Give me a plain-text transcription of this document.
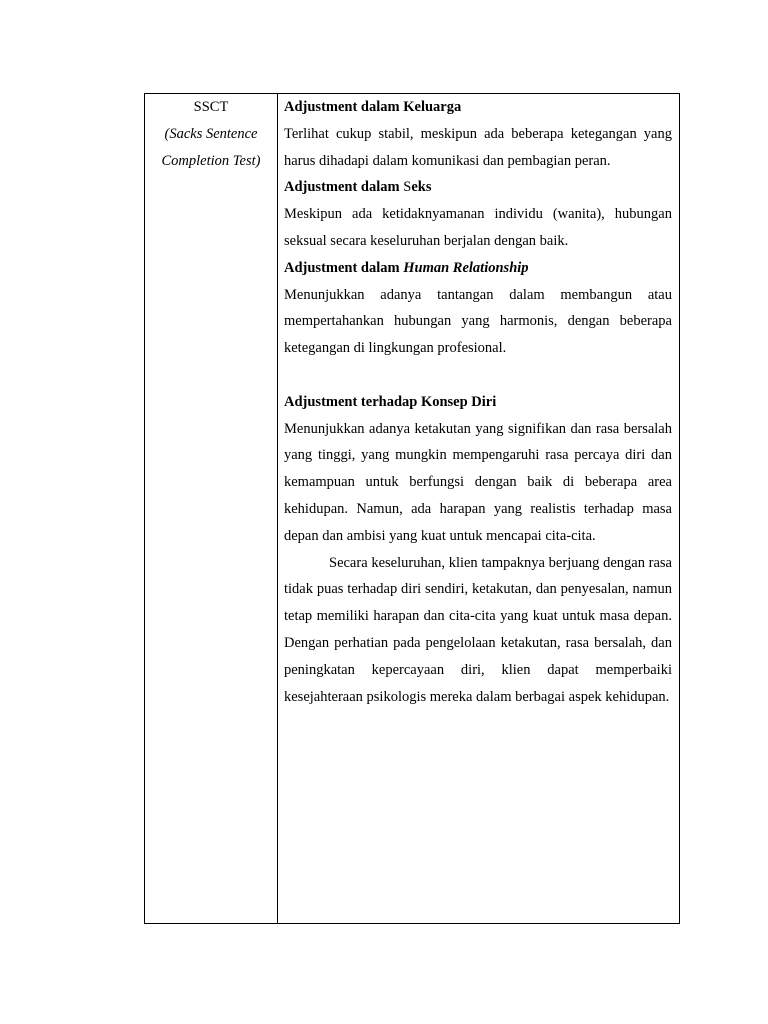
SSCT
(Sacks Sentence
Completion Test)
Adjustment dalam Keluarga

Terlihat cukup stabil, meskipun ada beberapa ketegangan yang harus dihadapi dalam komunikasi dan pembagian peran.

Adjustment dalam Seks

Meskipun ada ketidaknyamanan individu (wanita), hubungan seksual secara keseluruhan berjalan dengan baik.

Adjustment dalam Human Relationship

Menunjukkan adanya tantangan dalam membangun atau mempertahankan hubungan yang harmonis, dengan beberapa ketegangan di lingkungan profesional.

Adjustment terhadap Konsep Diri

Menunjukkan adanya ketakutan yang signifikan dan rasa bersalah yang tinggi, yang mungkin mempengaruhi rasa percaya diri dan kemampuan untuk berfungsi dengan baik di beberapa area kehidupan. Namun, ada harapan yang realistis terhadap masa depan dan ambisi yang kuat untuk mencapai cita-cita.

Secara keseluruhan, klien tampaknya berjuang dengan rasa tidak puas terhadap diri sendiri, ketakutan, dan penyesalan, namun tetap memiliki harapan dan cita-cita yang kuat untuk masa depan. Dengan perhatian pada pengelolaan ketakutan, rasa bersalah, dan peningkatan kepercayaan diri, klien dapat memperbaiki kesejahteraan psikologis mereka dalam berbagai aspek kehidupan.
